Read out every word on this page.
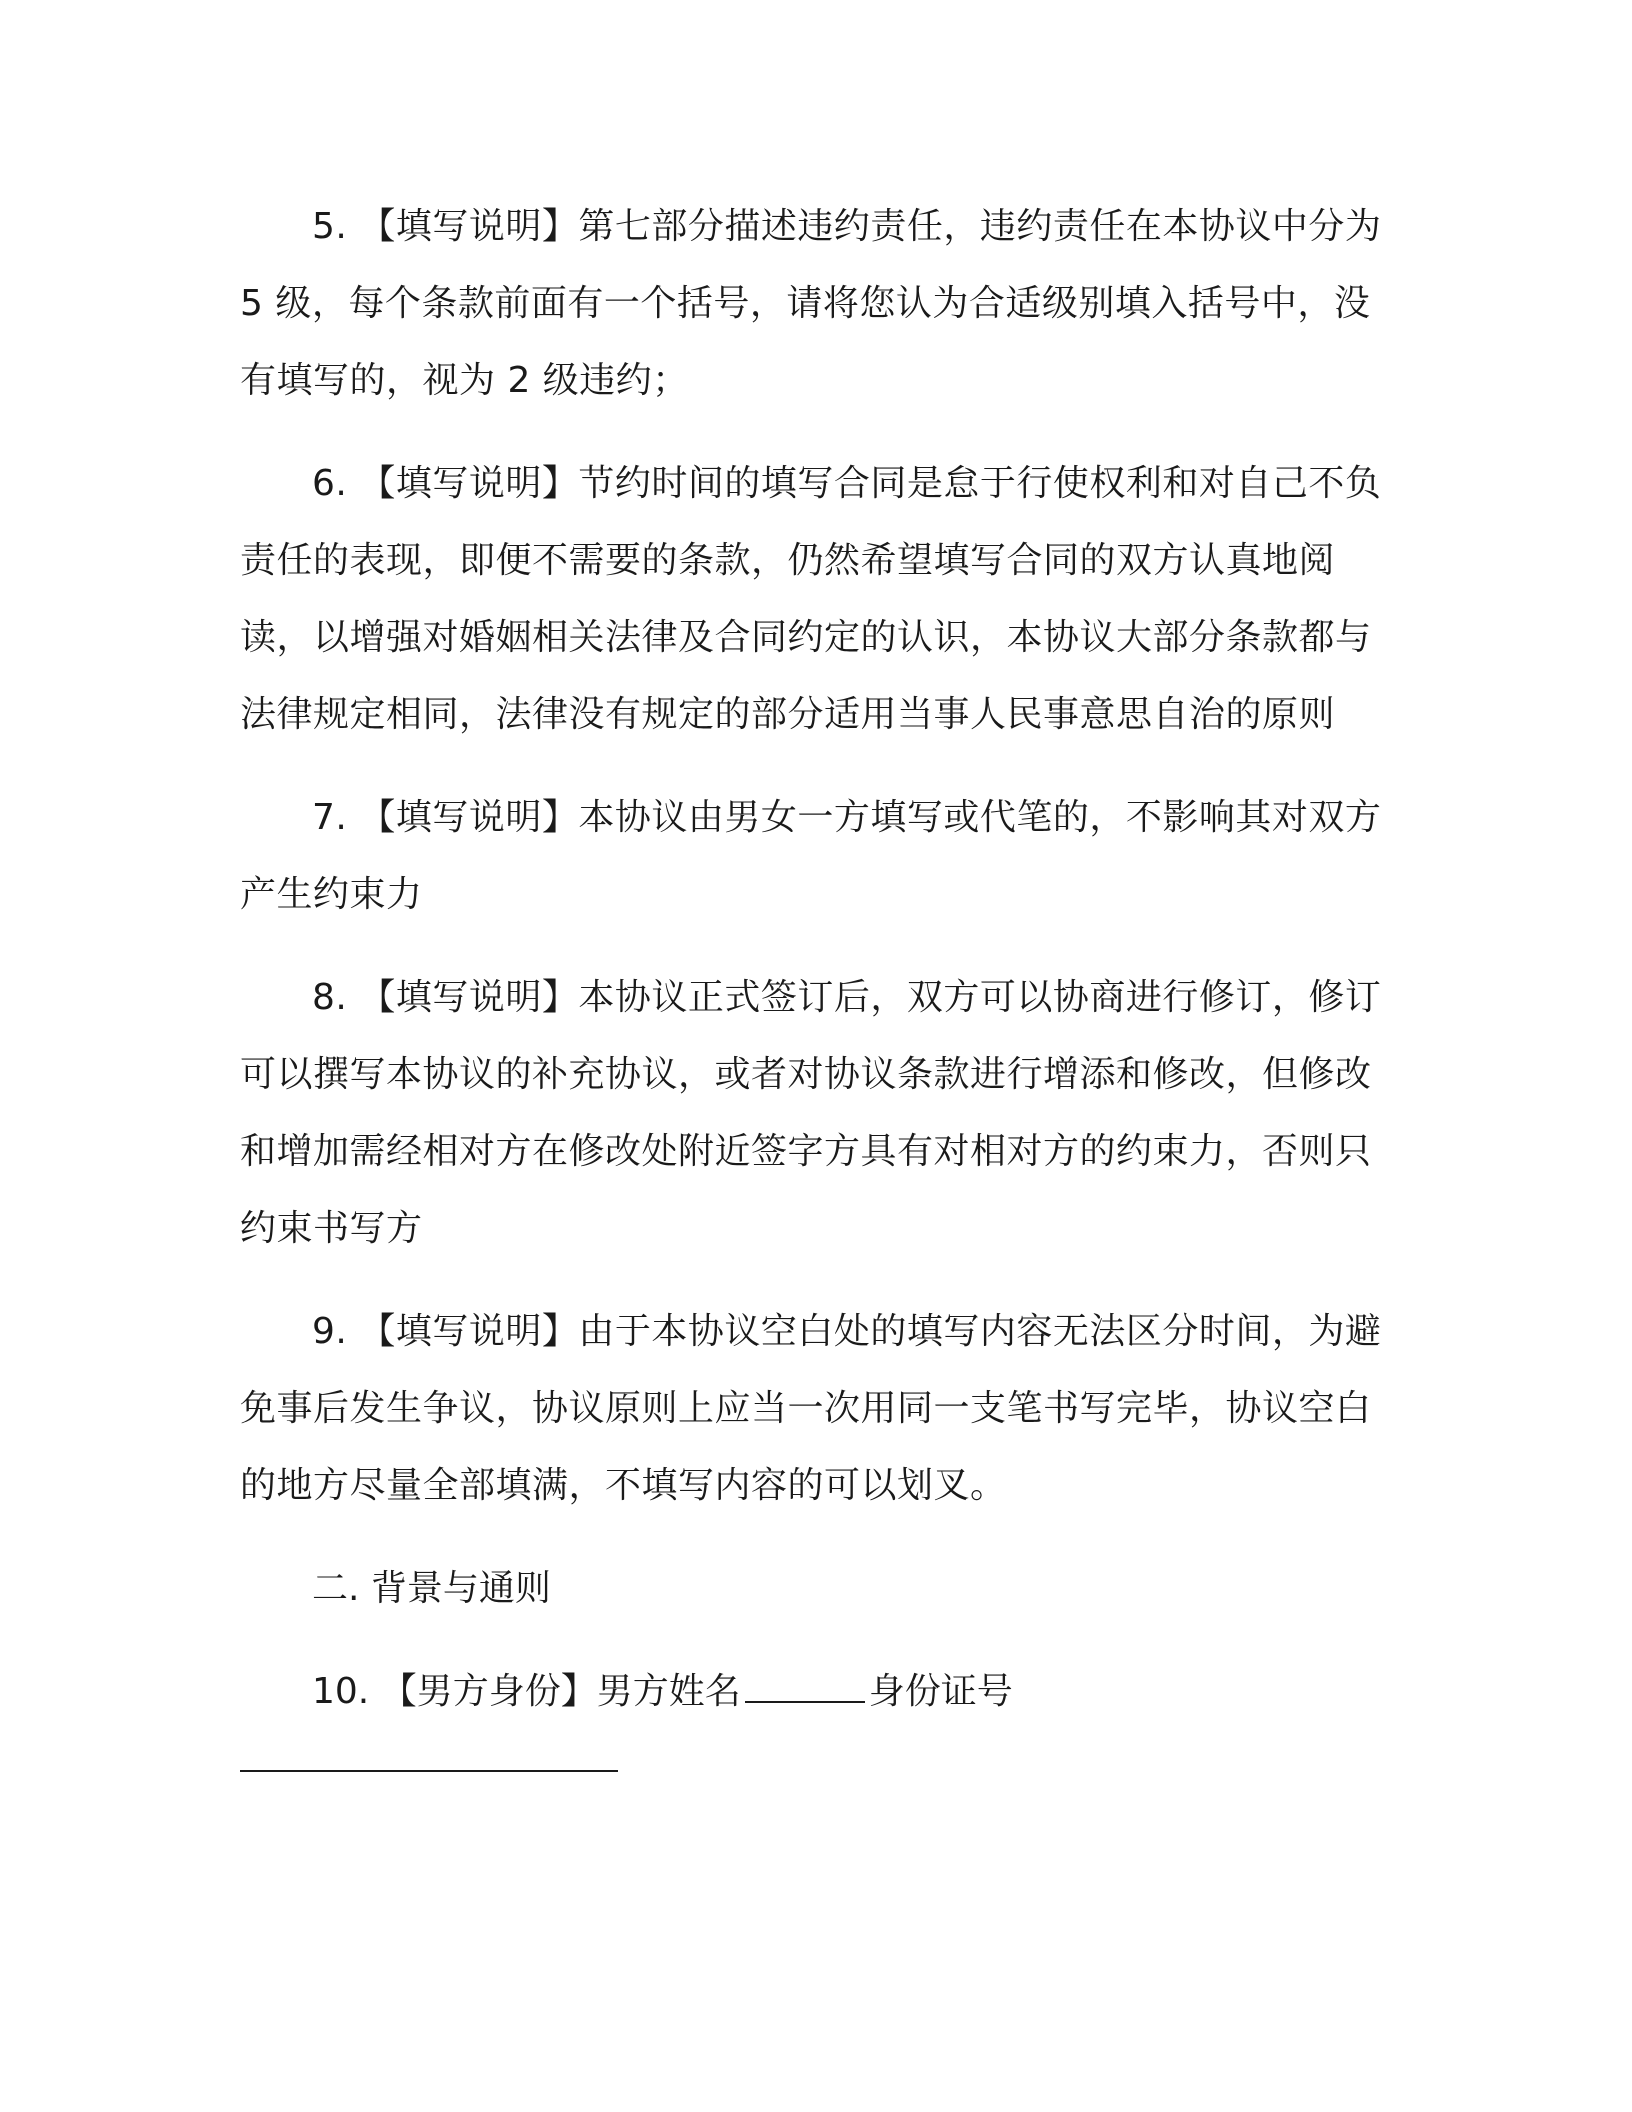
5. 【填写说明】第七部分描述违约责任，违约责任在本协议中分为 5 级，每个条款前面有一个括号，请将您认为合适级别填入括号中，没有填写的，视为 2 级违约；

6. 【填写说明】节约时间的填写合同是怠于行使权利和对自己不负责任的表现，即便不需要的条款，仍然希望填写合同的双方认真地阅读，以增强对婚姻相关法律及合同约定的认识，本协议大部分条款都与法律规定相同，法律没有规定的部分适用当事人民事意思自治的原则

7. 【填写说明】本协议由男女一方填写或代笔的，不影响其对双方产生约束力

8. 【填写说明】本协议正式签订后，双方可以协商进行修订，修订可以撰写本协议的补充协议，或者对协议条款进行增添和修改，但修改和增加需经相对方在修改处附近签字方具有对相对方的约束力，否则只约束书写方

9. 【填写说明】由于本协议空白处的填写内容无法区分时间，为避免事后发生争议，协议原则上应当一次用同一支笔书写完毕，协议空白的地方尽量全部填满，不填写内容的可以划叉。

二. 背景与通则

10. 【男方身份】男方姓名	身份证号
